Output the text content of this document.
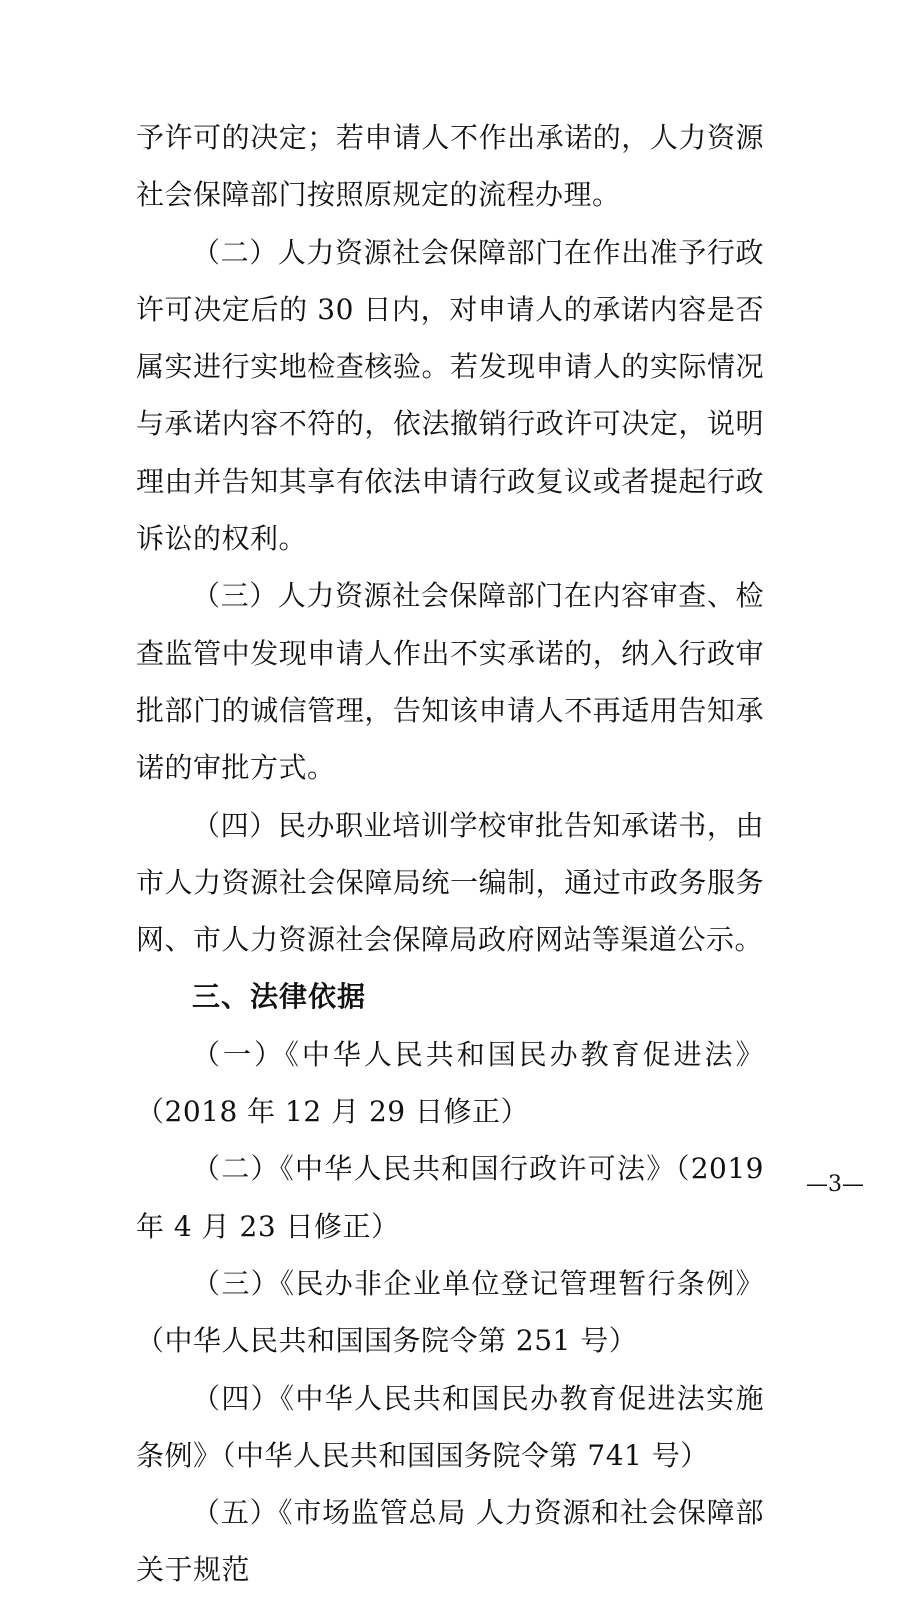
予许可的决定；若申请人不作出承诺的，人力资源社会保障部门按照原规定的流程办理。

（二）人力资源社会保障部门在作出准予行政许可决定后的 30 日内，对申请人的承诺内容是否属实进行实地检查核验。若发现申请人的实际情况与承诺内容不符的，依法撤销行政许可决定，说明理由并告知其享有依法申请行政复议或者提起行政诉讼的权利。

（三）人力资源社会保障部门在内容审查、检查监管中发现申请人作出不实承诺的，纳入行政审批部门的诚信管理，告知该申请人不再适用告知承诺的审批方式。

（四）民办职业培训学校审批告知承诺书，由市人力资源社会保障局统一编制，通过市政务服务网、市人力资源社会保障局政府网站等渠道公示。

三、法律依据

（一）《中华人民共和国民办教育促进法》（2018 年 12 月 29 日修正）

（二）《中华人民共和国行政许可法》（2019 年 4 月 23 日修正）

（三）《民办非企业单位登记管理暂行条例》（中华人民共和国国务院令第 251 号）

（四）《中华人民共和国民办教育促进法实施条例》（中华人民共和国国务院令第 741 号）

（五）《市场监管总局 人力资源和社会保障部关于规范

—3—
